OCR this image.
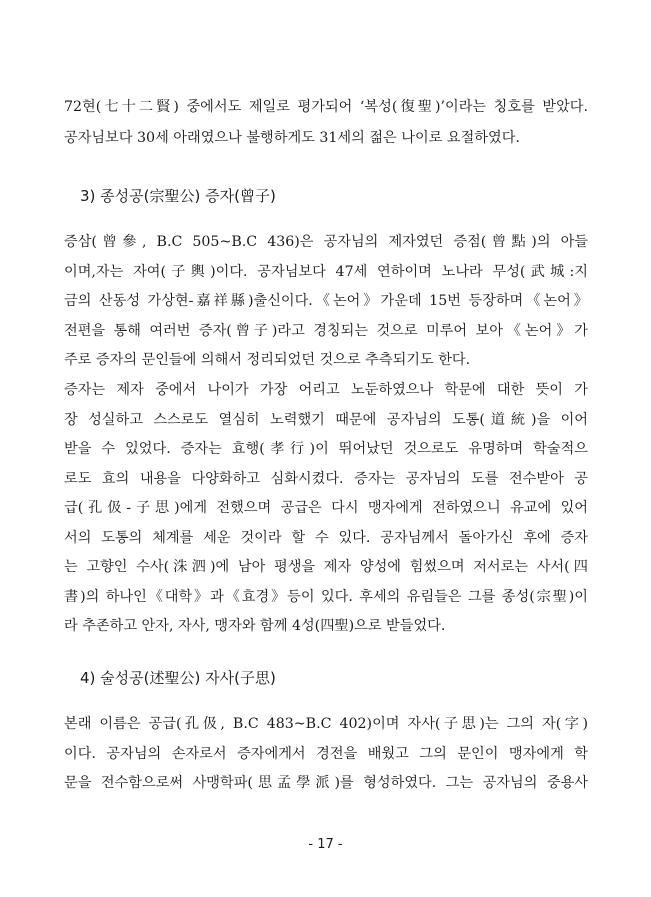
72현(七十二賢) 중에서도 제일로 평가되어 ‘복성(復聖)’이라는 칭호를 받았다.
공자님보다 30세 아래였으나 불행하게도 31세의 젊은 나이로 요절하였다.
3) 종성공(宗聖公) 증자(曾子)
증삼(曾參, B.C 505~B.C 436)은 공자님의 제자였던 증점(曾點)의 아들
이며,자는 자여(子輿)이다. 공자님보다 47세 연하이며 노나라 무성(武城:지
금의 산동성 가상현-嘉祥縣)출신이다.《논어》가운데 15번 등장하며《논어》
전편을 통해 여러번 증자(曾子)라고 경칭되는 것으로 미루어 보아《논어》가
주로 증자의 문인들에 의해서 정리되었던 것으로 추측되기도 한다.
증자는 제자 중에서 나이가 가장 어리고 노둔하였으나 학문에 대한 뜻이 가
장 성실하고 스스로도 열심히 노력했기 때문에 공자님의 도통(道統)을 이어
받을 수 있었다. 증자는 효행(孝行)이 뛰어났던 것으로도 유명하며 학술적으
로도 효의 내용을 다양화하고 심화시켰다. 증자는 공자님의 도를 전수받아 공
급(孔伋-子思)에게 전했으며 공급은 다시 맹자에게 전하였으니 유교에 있어
서의 도통의 체계를 세운 것이라 할 수 있다. 공자님께서 돌아가신 후에 증자
는 고향인 수사(洙泗)에 남아 평생을 제자 양성에 힘썼으며 저서로는 사서(四
書)의 하나인《대학》과《효경》등이 있다. 후세의 유림들은 그를 종성(宗聖)이
라 추존하고 안자, 자사, 맹자와 함께 4성(四聖)으로 받들었다.
4) 술성공(述聖公) 자사(子思)
본래 이름은 공급(孔伋, B.C 483~B.C 402)이며 자사(子思)는 그의 자(字)
이다. 공자님의 손자로서 증자에게서 경전을 배웠고 그의 문인이 맹자에게 학
문을 전수함으로써 사맹학파(思孟學派)를 형성하였다. 그는 공자님의 중용사
- 17 -
